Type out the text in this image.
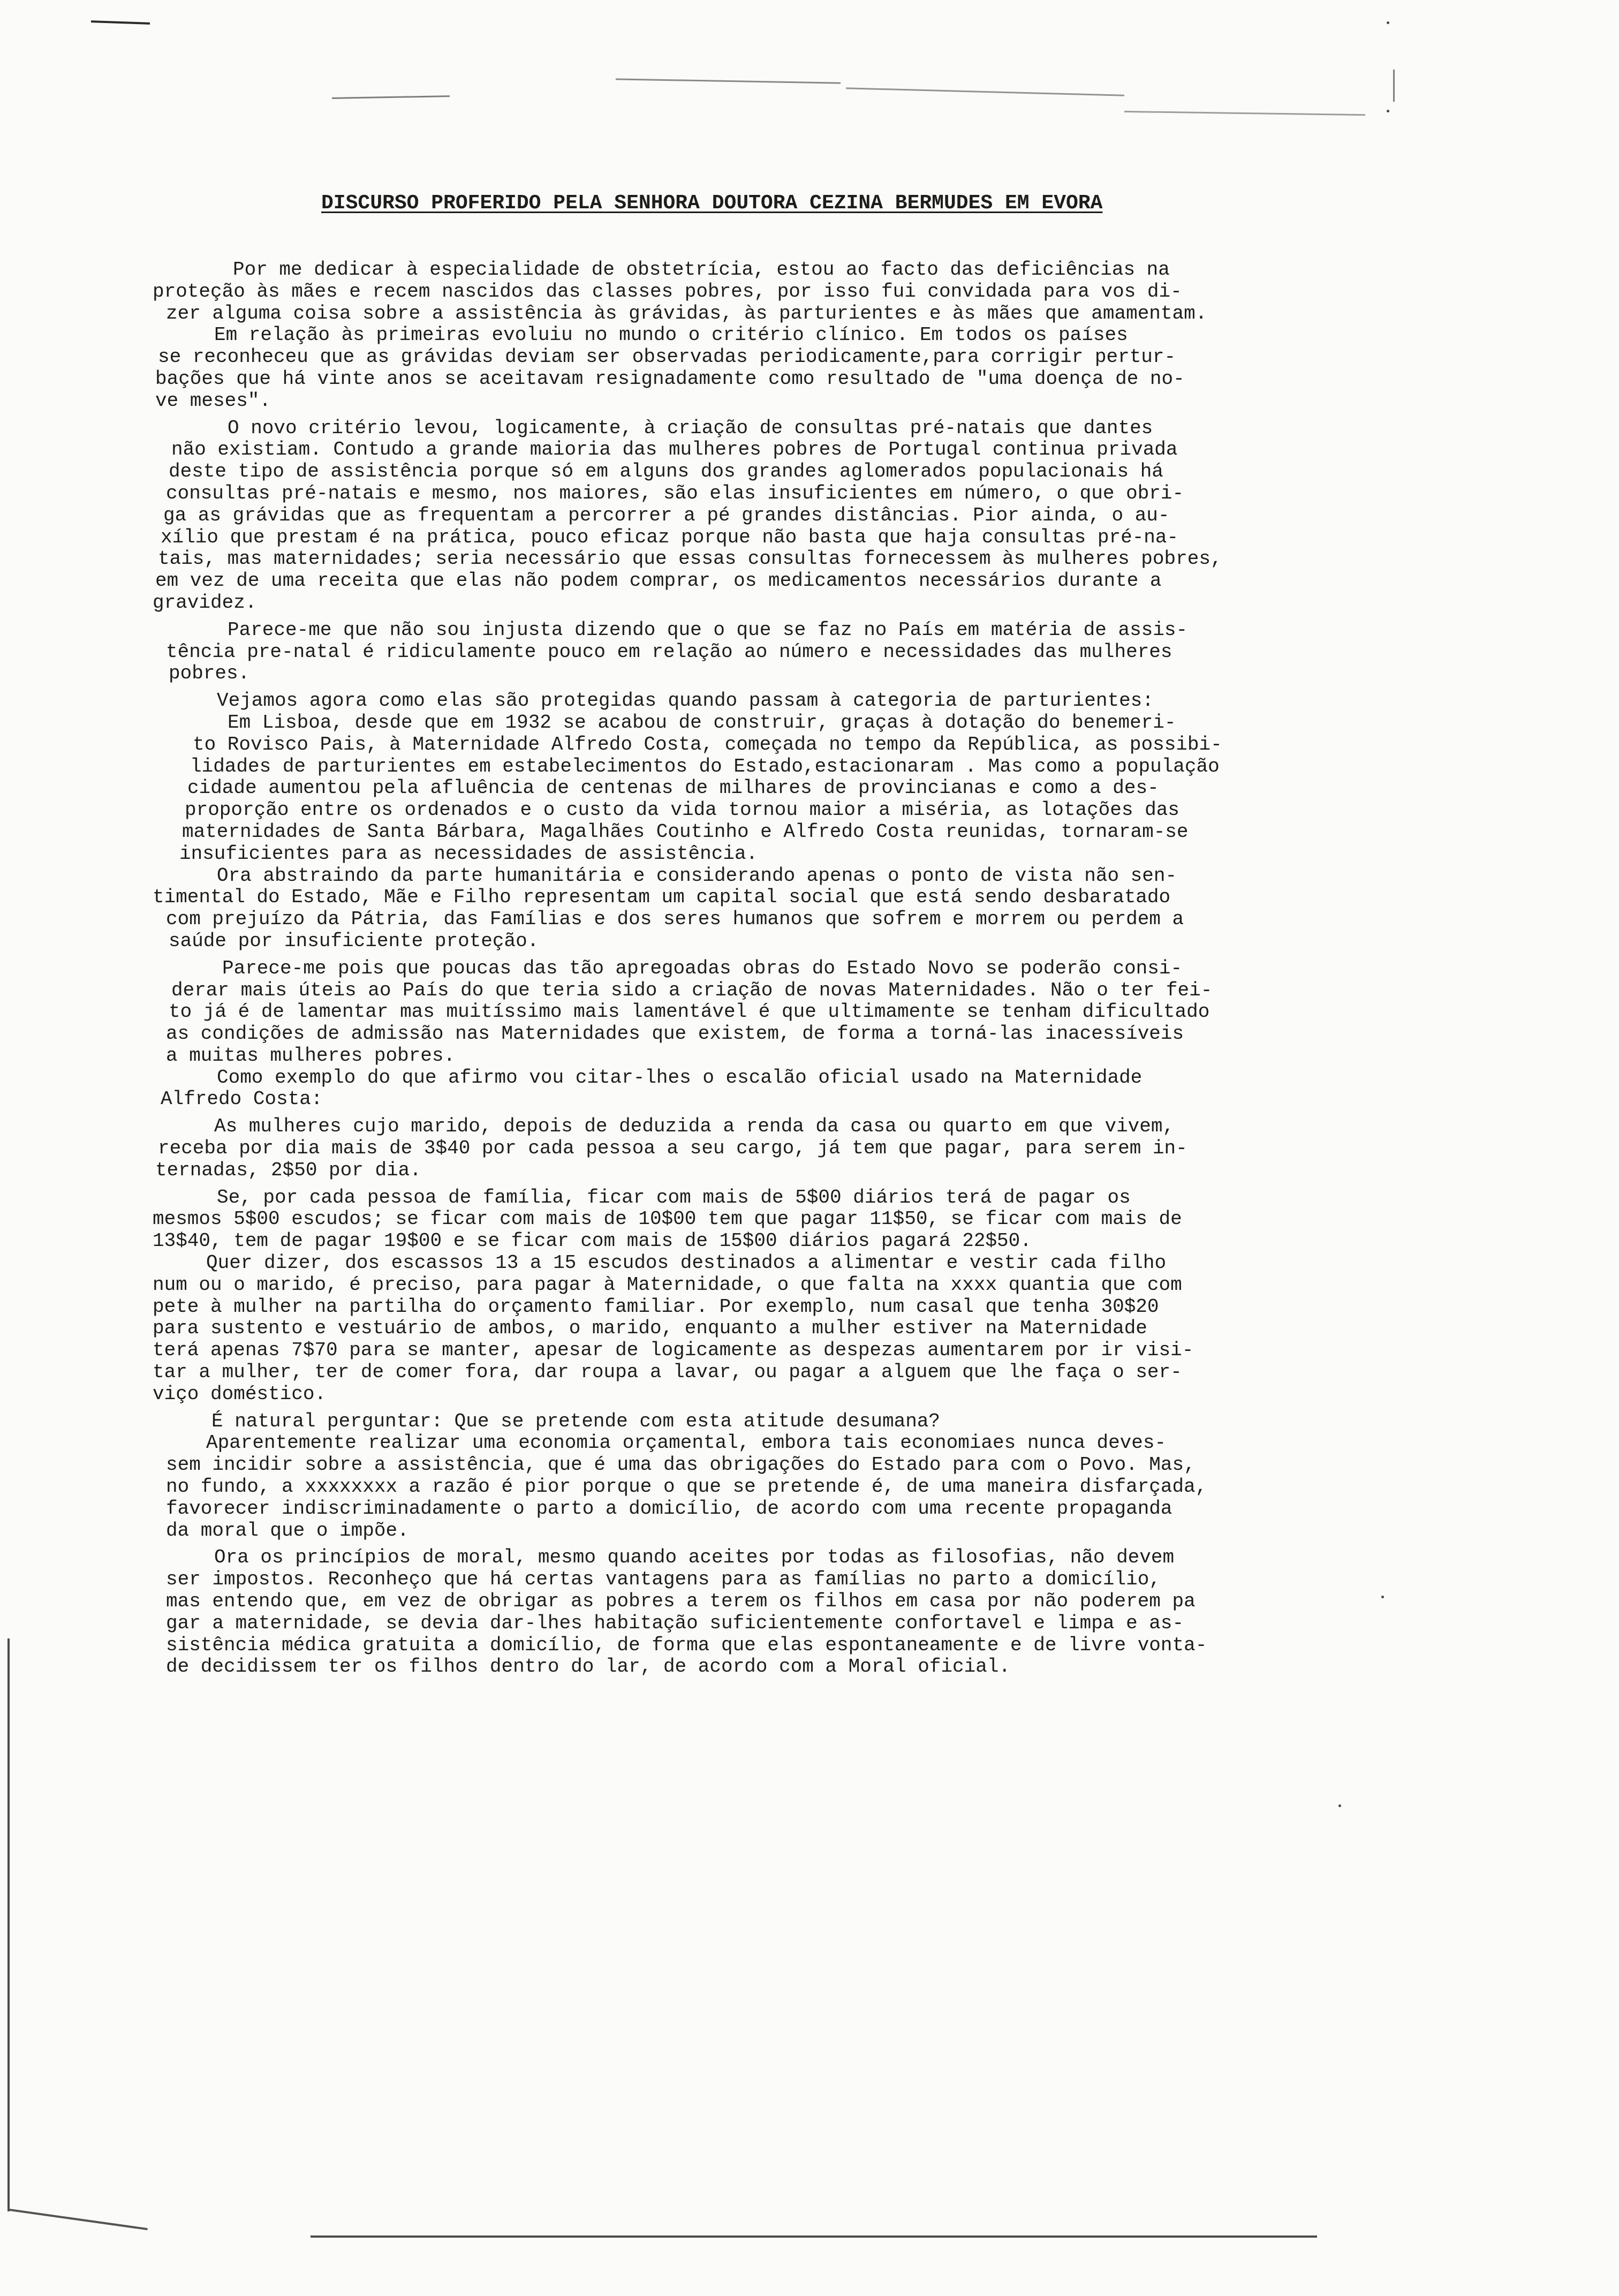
DISCURSO PROFERIDO PELA SENHORA DOUTORA CEZINA BERMUDES EM EVORA
Por me dedicar à especialidade de obstetrícia, estou ao facto das deficiências na
proteção às mães e recem nascidos das classes pobres, por isso fui convidada para vos di-
zer alguma coisa sobre a assistência às grávidas, às parturientes e às mães que amamentam.
Em relação às primeiras evoluiu no mundo o critério clínico. Em todos os países
se reconheceu que as grávidas deviam ser observadas periodicamente,para corrigir pertur-
bações que há vinte anos se aceitavam resignadamente como resultado de "uma doença de no-
ve meses".
O novo critério levou, logicamente, à criação de consultas pré-natais que dantes
não existiam. Contudo a grande maioria das mulheres pobres de Portugal continua privada
deste tipo de assistência porque só em alguns dos grandes aglomerados populacionais há
consultas pré-natais e mesmo, nos maiores, são elas insuficientes em número, o que obri-
ga as grávidas que as frequentam a percorrer a pé grandes distâncias. Pior ainda, o au-
xílio que prestam é na prática, pouco eficaz porque não basta que haja consultas pré-na-
tais, mas maternidades; seria necessário que essas consultas fornecessem às mulheres pobres,
em vez de uma receita que elas não podem comprar, os medicamentos necessários durante a
gravidez.
Parece-me que não sou injusta dizendo que o que se faz no País em matéria de assis-
tência pre-natal é ridiculamente pouco em relação ao número e necessidades das mulheres
pobres.
Vejamos agora como elas são protegidas quando passam à categoria de parturientes:
Em Lisboa, desde que em 1932 se acabou de construir, graças à dotação do benemeri-
to Rovisco Pais, à Maternidade Alfredo Costa, começada no tempo da República, as possibi-
lidades de parturientes em estabelecimentos do Estado,estacionaram . Mas como a população
cidade aumentou pela afluência de centenas de milhares de provincianas e como a des-
proporção entre os ordenados e o custo da vida tornou maior a miséria, as lotações das
maternidades de Santa Bárbara, Magalhães Coutinho e Alfredo Costa reunidas, tornaram-se
insuficientes para as necessidades de assistência.
Ora abstraindo da parte humanitária e considerando apenas o ponto de vista não sen-
timental do Estado, Mãe e Filho representam um capital social que está sendo desbaratado
com prejuízo da Pátria, das Famílias e dos seres humanos que sofrem e morrem ou perdem a
saúde por insuficiente proteção.
Parece-me pois que poucas das tão apregoadas obras do Estado Novo se poderão consi-
derar mais úteis ao País do que teria sido a criação de novas Maternidades. Não o ter fei-
to já é de lamentar mas muitíssimo mais lamentável é que ultimamente se tenham dificultado
as condições de admissão nas Maternidades que existem, de forma a torná-las inacessíveis
a muitas mulheres pobres.
Como exemplo do que afirmo vou citar-lhes o escalão oficial usado na Maternidade
Alfredo Costa:
As mulheres cujo marido, depois de deduzida a renda da casa ou quarto em que vivem,
receba por dia mais de 3$40 por cada pessoa a seu cargo, já tem que pagar, para serem in-
ternadas, 2$50 por dia.
Se, por cada pessoa de família, ficar com mais de 5$00 diários terá de pagar os
mesmos 5$00 escudos; se ficar com mais de 10$00 tem que pagar 11$50, se ficar com mais de
13$40, tem de pagar 19$00 e se ficar com mais de 15$00 diários pagará 22$50.
Quer dizer, dos escassos 13 a 15 escudos destinados a alimentar e vestir cada filho
num ou o marido, é preciso, para pagar à Maternidade, o que falta na xxxx quantia que com
pete à mulher na partilha do orçamento familiar. Por exemplo, num casal que tenha 30$20
para sustento e vestuário de ambos, o marido, enquanto a mulher estiver na Maternidade
terá apenas 7$70 para se manter, apesar de logicamente as despezas aumentarem por ir visi-
tar a mulher, ter de comer fora, dar roupa a lavar, ou pagar a alguem que lhe faça o ser-
viço doméstico.
É natural perguntar: Que se pretende com esta atitude desumana?
Aparentemente realizar uma economia orçamental, embora tais economiaes nunca deves-
sem incidir sobre a assistência, que é uma das obrigações do Estado para com o Povo. Mas,
no fundo, a xxxxxxxx a razão é pior porque o que se pretende é, de uma maneira disfarçada,
favorecer indiscriminadamente o parto a domicílio, de acordo com uma recente propaganda
da moral que o impõe.
Ora os princípios de moral, mesmo quando aceites por todas as filosofias, não devem
ser impostos. Reconheço que há certas vantagens para as famílias no parto a domicílio,
mas entendo que, em vez de obrigar as pobres a terem os filhos em casa por não poderem pa
gar a maternidade, se devia dar-lhes habitação suficientemente confortavel e limpa e as-
sistência médica gratuita a domicílio, de forma que elas espontaneamente e de livre vonta-
de decidissem ter os filhos dentro do lar, de acordo com a Moral oficial.
